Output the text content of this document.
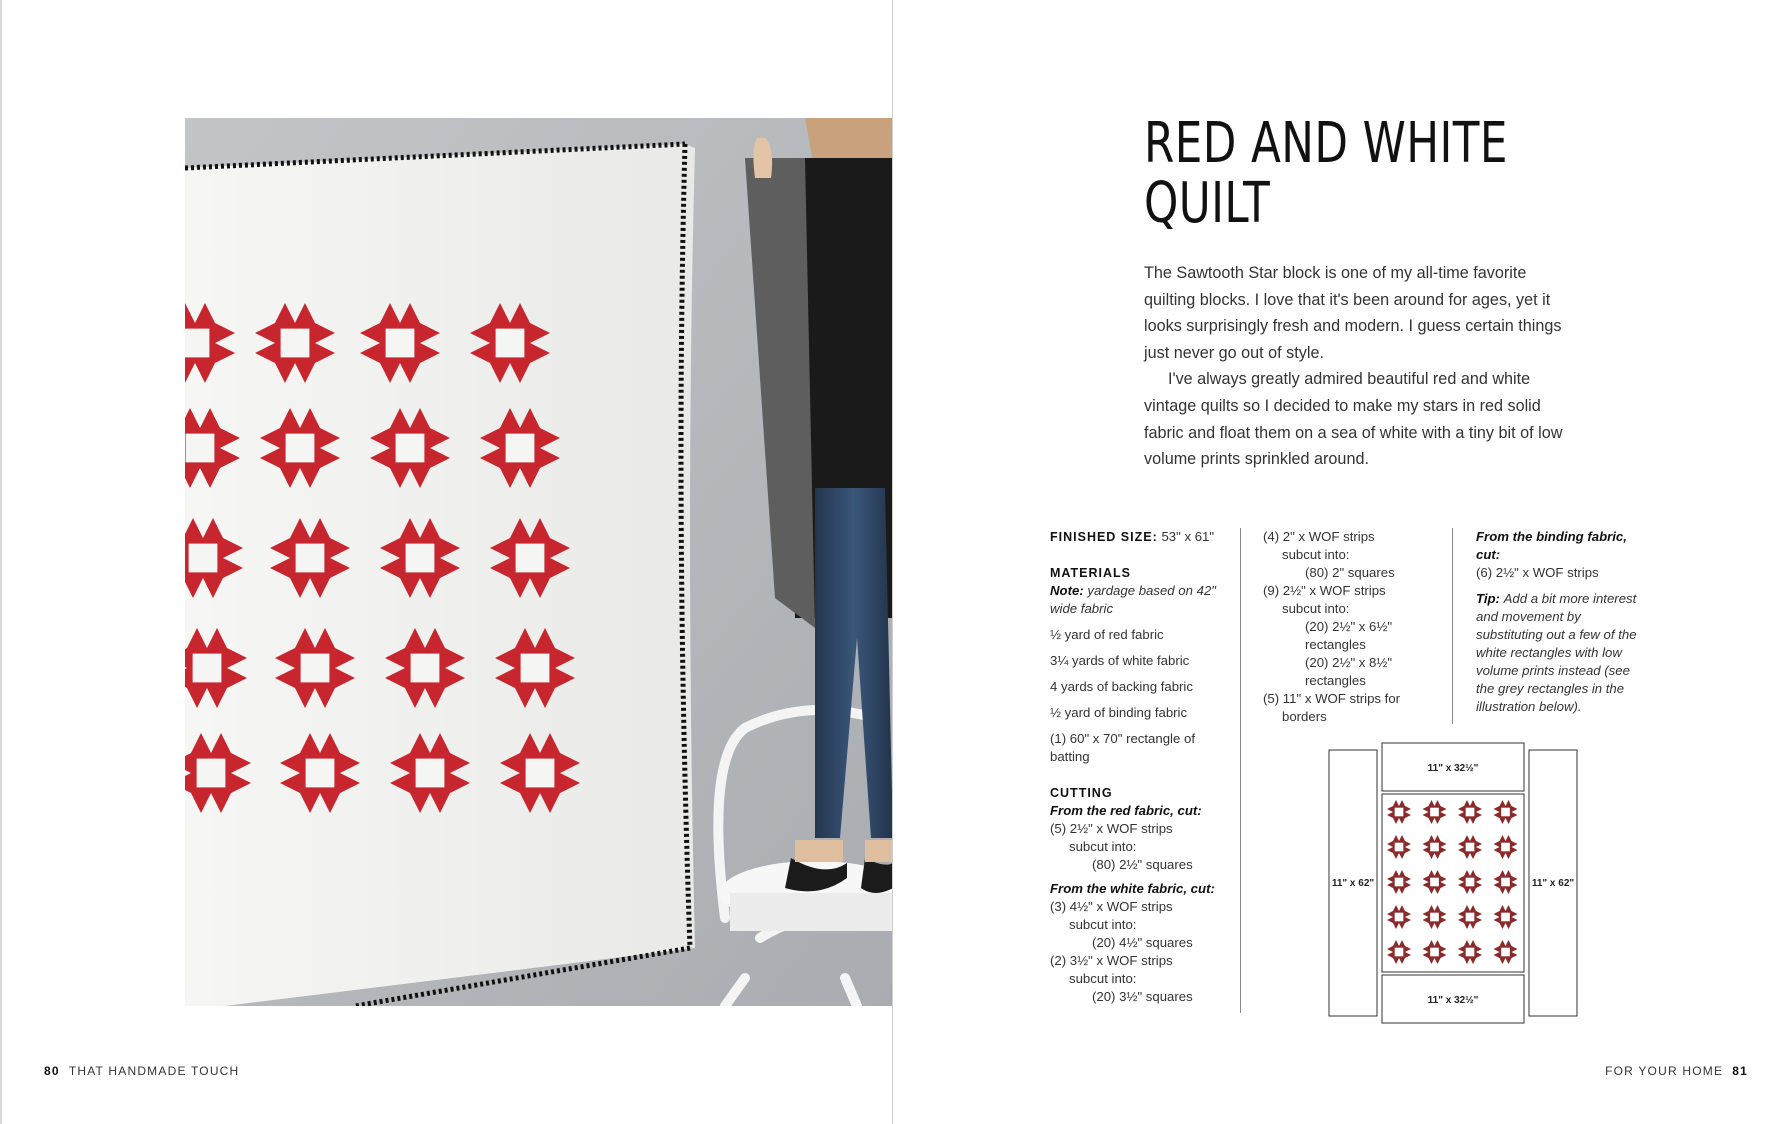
80 THAT HANDMADE TOUCH
RED AND WHITE QUILT

The Sawtooth Star block is one of my all-time favorite quilting blocks. I love that it's been around for ages, yet it looks surprisingly fresh and modern. I guess certain things just never go out of style.

I've always greatly admired beautiful red and white vintage quilts so I decided to make my stars in red solid fabric and float them on a sea of white with a tiny bit of low volume prints sprinkled around.

FINISHED SIZE: 53" x 61"
MATERIALS
Note: yardage based on 42" wide fabric
½ yard of red fabric
3¼ yards of white fabric
4 yards of backing fabric
½ yard of binding fabric
(1) 60" x 70" rectangle of batting
CUTTING
From the red fabric, cut:
(5) 2½" x WOF strips
subcut into:
(80) 2½" squares
From the white fabric, cut:
(3) 4½" x WOF strips
subcut into:
(20) 4½" squares
(2) 3½" x WOF strips
subcut into:
(20) 3½" squares
(4) 2" x WOF strips
subcut into:
(80) 2" squares
(9) 2½" x WOF strips
subcut into:
(20) 2½" x 6½"
rectangles
(20) 2½" x 8½"
rectangles
(5) 11" x WOF strips for
borders
From the binding fabric, cut:
(6) 2½" x WOF strips
Tip: Add a bit more interest and movement by substituting out a few of the white rectangles with low volume prints instead (see the grey rectangles in the illustration below).
11" x 32½"
11" x 32½"
11" x 62"	11" x 62"
FOR YOUR HOME 81
